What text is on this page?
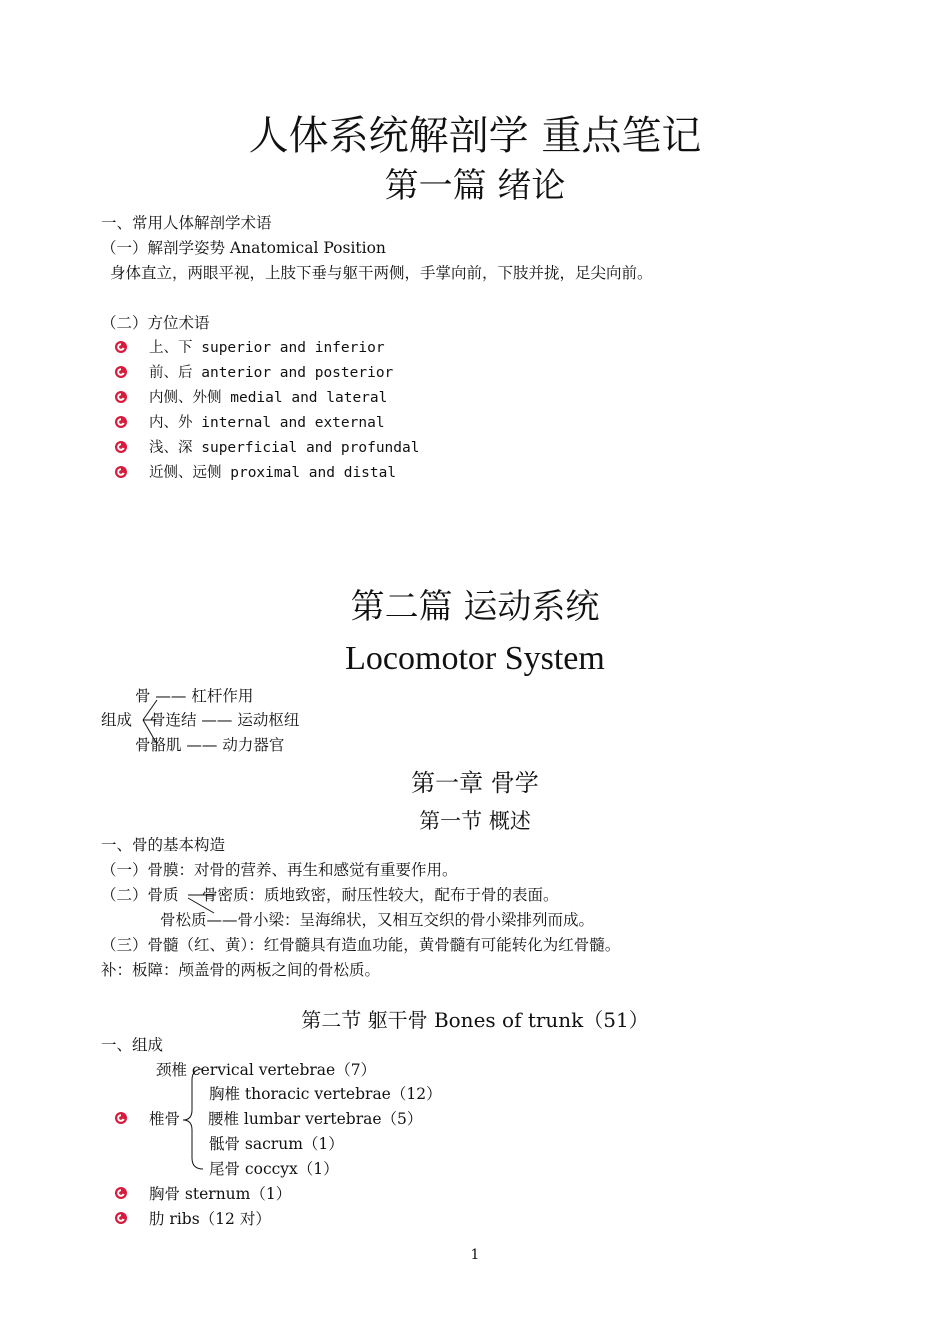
人体系统解剖学 重点笔记
第一篇 绪论
一、常用人体解剖学术语
（一）解剖学姿势 Anatomical Position
身体直立，两眼平视，上肢下垂与躯干两侧，手掌向前，下肢并拢，足尖向前。
（二）方位术语
上、下 superior and inferior
前、后 anterior and posterior
内侧、外侧 medial and lateral
内、外 internal and external
浅、深 superficial and profundal
近侧、远侧 proximal and distal
第二篇 运动系统
Locomotor System
组成
骨 —— 杠杆作用
骨连结 —— 运动枢纽
骨骼肌 —— 动力器官
第一章 骨学
第一节 概述
一、骨的基本构造
（一）骨膜：对骨的营养、再生和感觉有重要作用。
（二）骨质 骨密质：质地致密，耐压性较大，配布于骨的表面。
骨松质——骨小梁：呈海绵状，又相互交织的骨小梁排列而成。
（三）骨髓（红、黄）：红骨髓具有造血功能，黄骨髓有可能转化为红骨髓。
补：板障：颅盖骨的两板之间的骨松质。
第二节 躯干骨 Bones of trunk（51）
一、组成
颈椎 cervical vertebrae（7）
胸椎 thoracic vertebrae（12）
椎骨 腰椎 lumbar vertebrae（5）
骶骨 sacrum（1）
尾骨 coccyx（1）
胸骨 sternum（1）
肋 ribs（12 对）
1
